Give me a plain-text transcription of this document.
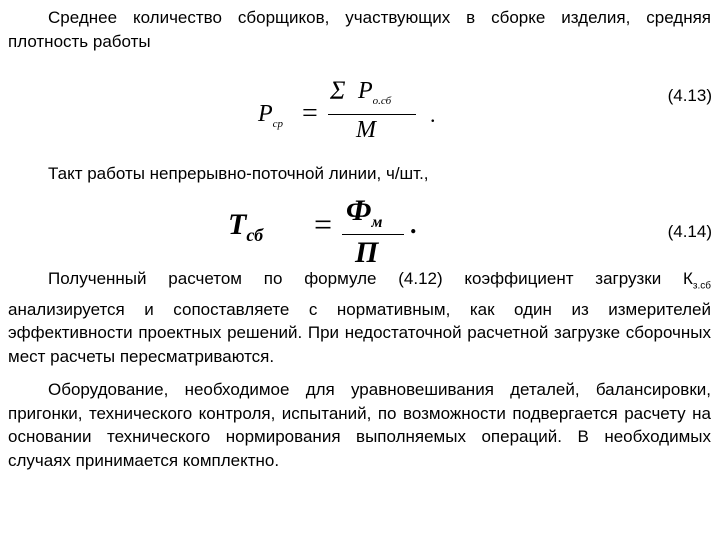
Среднее количество сборщиков, участвующих в сборке изделия, средняя плотность работы

$P_{ср}$ =
Σ $P_{о.сб}$
M
.
(4.13)

Такт работы непрерывно-поточной линии, ч/шт.,

$T_{сб} = Ф_м$
П
.	(4.14)

Полученный расчетом по формуле (4.12) коэффициент загрузки $К_{з.сб}$ анализируется и сопоставляете с нормативным, как один из измерителей эффективности проектных решений. При недостаточной расчетной загрузке сборочных мест расчеты пересматриваются.

Оборудование, необходимое для уравновешивания деталей, балансировки, пригонки, технического контроля, испытаний, по возможности подвергается расчету на основании технического нормирования выполняемых операций. В необходимых случаях принимается комплектно.
